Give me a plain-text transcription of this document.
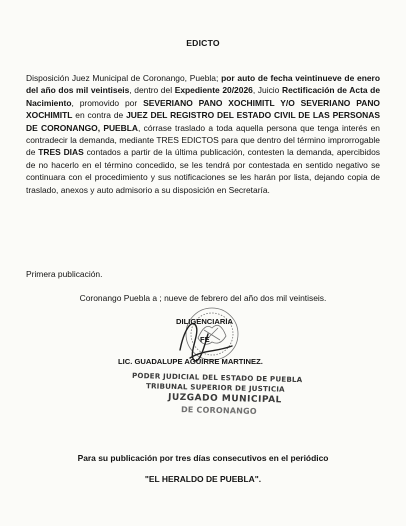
EDICTO
Disposición Juez Municipal de Coronango, Puebla; por auto de fecha veintinueve de enero del año dos mil veintiseis, dentro del Expediente 20/2026, Juicio Rectificación de Acta de Nacimiento, promovido por SEVERIANO PANO XOCHIMITL Y/O SEVERIANO PANO XOCHIMITL en contra de JUEZ DEL REGISTRO DEL ESTADO CIVIL DE LAS PERSONAS DE CORONANGO, PUEBLA, córrase traslado a toda aquella persona que tenga interés en contradecir la demanda, mediante TRES EDICTOS para que dentro del término improrrogable de TRES DIAS contados a partir de la última publicación, contesten la demanda, apercibidos de no hacerlo en el término concedido, se les tendrá por contestada en sentido negativo se continuara con el procedimiento y sus notificaciones se les harán por lista, dejando copia de traslado, anexos y auto admisorio a su disposición en Secretaría.
Primera publicación.
Coronango Puebla a ; nueve de febrero del año dos mil veintiseis.
DILIGENCIARIA
FE
LIC. GUADALUPE AGUIRRE MARTINEZ.
PODER JUDICIAL DEL ESTADO DE PUEBLA
TRIBUNAL SUPERIOR DE JUSTICIA
JUZGADO MUNICIPAL
DE CORONANGO
Para su publicación por tres días consecutivos en el periódico
"EL HERALDO DE PUEBLA".
